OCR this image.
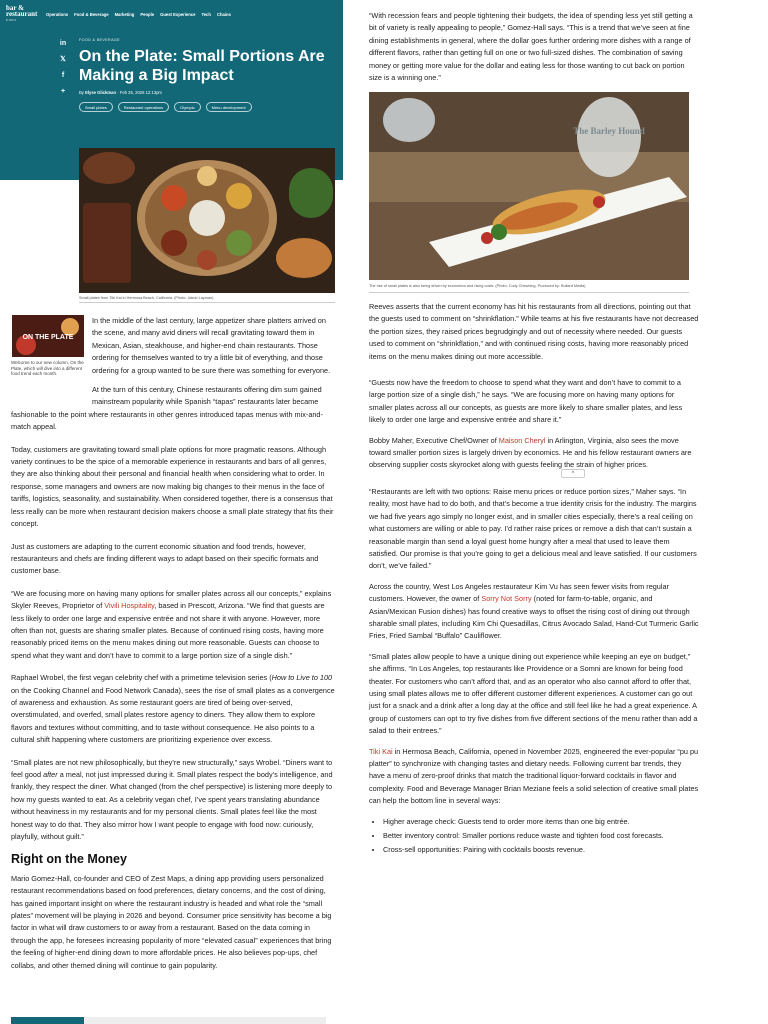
bar & restaurant
EXPO
Operations Food & Beverage Marketing People Guest Experience Tech Chains
in
𝕏
f
+
FOOD & BEVERAGE
On the Plate: Small Portions Are Making a Big Impact
By Elyse Glickman · Feb 25, 2026 12:13pm
Small plates	Restaurant operations	Olympic	Menu development
Small plates from Tiki Kai in Hermosa Beach, California. (Photo: Jakob Layman)
ON THE PLATE
Welcome to our new column, On the Plate, which will dive into a different food trend each month.

In the middle of the last century, large appetizer share platters arrived on the scene, and many avid diners will recall gravitating toward them in Mexican, Asian, steakhouse, and higher-end chain restaurants. Those ordering for themselves wanted to try a little bit of everything, and those ordering for a group wanted to be sure there was something for everyone.

At the turn of this century, Chinese restaurants offering dim sum gained mainstream popularity while Spanish “tapas” restaurants later became
fashionable to the point where restaurants in other genres introduced tapas menus with mix-and-match appeal.

Today, customers are gravitating toward small plate options for more pragmatic reasons. Although variety continues to be the spice of a memorable experience in restaurants and bars of all genres, they are also thinking about their personal and financial health when considering what to order. In response, some managers and owners are now making big changes to their menus in the face of tariffs, logistics, seasonality, and sustainability. When considered together, there is a consensus that less really can be more when restaurant decision makers choose a small plate strategy that fits their concept.

Just as customers are adapting to the current economic situation and food trends, however, restauranteurs and chefs are finding different ways to adapt based on their specific formats and customer base.

“We are focusing more on having many options for smaller plates across all our concepts,” explains Skyler Reeves, Proprietor of Vivili Hospitality, based in Prescott, Arizona. “We find that guests are less likely to order one large and expensive entrée and not share it with anyone. However, more often than not, guests are sharing smaller plates. Because of continued rising costs, having more reasonably priced items on the menu makes dining out more reasonable. Guests can choose to spend what they want and don’t have to commit to a large portion size of a single dish.”

Raphael Wrobel, the first vegan celebrity chef with a primetime television series (How to Live to 100 on the Cooking Channel and Food Network Canada), sees the rise of small plates as a convergence of awareness and exhaustion. As some restaurant goers are tired of being over-served, overstimulated, and overfed, small plates restore agency to diners. They allow them to explore flavors and textures without committing, and to taste without consequence. He also points to a cultural shift happening where customers are prioritizing experience over excess.

“Small plates are not new philosophically, but they’re new structurally,” says Wrobel. “Diners want to feel good after a meal, not just impressed during it. Small plates respect the body’s intelligence, and frankly, they respect the diner. What changed (from the chef perspective) is listening more deeply to how my guests wanted to eat. As a celebrity vegan chef, I’ve spent years translating abundance without heaviness in my restaurants and for my personal clients. Small plates feel like the most honest way to do that. They also mirror how I want people to engage with food now: curiously, playfully, without guilt.”

Right on the Money

Mario Gomez-Hall, co-founder and CEO of Zest Maps, a dining app providing users personalized restaurant recommendations based on food preferences, dietary concerns, and the cost of dining, has gained important insight on where the restaurant industry is headed and what role the “small plates” movement will be playing in 2026 and beyond. Consumer price sensitivity has become a big factor in what will draw customers to or away from a restaurant. Based on the data coming in through the app, he foresees increasing popularity of more “elevated casual” experiences that bring the feeling of higher-end dining down to more affordable prices. He also believes pop-ups, chef collabs, and other themed dining will continue to gain popularity.

“With recession fears and people tightening their budgets, the idea of spending less yet still getting a bit of variety is really appealing to people,” Gomez-Hall says. “This is a trend that we’ve seen at fine dining establishments in general, where the dollar goes further ordering more dishes with a range of different flavors, rather than getting full on one or two full-sized dishes. The combination of saving money or getting more value for the dollar and eating less for those wanting to cut back on portion size is a winning one.”

The Barley Hound
The rise of small plates is also being driven by economics and rising costs. (Photo: Cody Chewning, Produced by: Bullard Media)

Reeves asserts that the current economy has hit his restaurants from all directions, pointing out that the guests used to comment on “shrinkflation.” While teams at his five restaurants have not decreased the portion sizes, they raised prices begrudgingly and out of necessity where needed. Our guests used to comment on “shrinkflation,” and with continued rising costs, having more reasonably priced items on the menu makes dining out more accessible.

“Guests now have the freedom to choose to spend what they want and don’t have to commit to a large portion size of a single dish,” he says. “We are focusing more on having many options for smaller plates across all our concepts, as guests are more likely to share smaller plates, and less likely to order one large and expensive entrée and share it.”

Bobby Maher, Executive Chef/Owner of Maison Cheryl in Arlington, Virginia, also sees the move toward smaller portion sizes is largely driven by economics. He and his fellow restaurant owners are observing supplier costs skyrocket along with guests feeling the strain of higher prices.

“Restaurants are left with two options: Raise menu prices or reduce portion sizes,” Maher says. “In reality, most have had to do both, and that’s become a true identity crisis for the industry. The margins we had five years ago simply no longer exist, and in smaller cities especially, there’s a real ceiling on what customers are willing or able to pay. I’d rather raise prices or remove a dish that can’t sustain a reasonable margin than send a loyal guest home hungry after a meal that used to leave them satisfied. Our promise is that you’re going to get a delicious meal and leave satisfied. If our customers don’t, we’ve failed.”

Across the country, West Los Angeles restaurateur Kim Vu has seen fewer visits from regular customers. However, the owner of Sorry Not Sorry (noted for farm-to-table, organic, and Asian/Mexican Fusion dishes) has found creative ways to offset the rising cost of dining out through sharable small plates, including Kim Chi Quesadillas, Citrus Avocado Salad, Hand-Cut Turmeric Garlic Fries, Fried Sambal “Buffalo” Cauliflower.

“Small plates allow people to have a unique dining out experience while keeping an eye on budget,” she affirms. “In Los Angeles, top restaurants like Providence or a Somni are known for being food theater. For customers who can’t afford that, and as an operator who also cannot afford to offer that, using small plates allows me to offer different customer different experiences. A customer can go out just for a snack and a drink after a long day at the office and still feel like he had a great experience. A group of customers can opt to try five dishes from five different sections of the menu rather than add a salad to their entrees.”

Tiki Kai in Hermosa Beach, California, opened in November 2025, engineered the ever-popular “pu pu platter” to synchronize with changing tastes and dietary needs. Following current bar trends, they have a menu of zero-proof drinks that match the traditional liquor-forward cocktails in flavor and complexity. Food and Beverage Manager Brian Meziane feels a solid selection of creative small plates can help the bottom line in several ways:

• Higher average check: Guests tend to order more items than one big entrée.
• Better inventory control: Smaller portions reduce waste and tighten food cost forecasts.
• Cross-sell opportunities: Pairing with cocktails boosts revenue.
^
